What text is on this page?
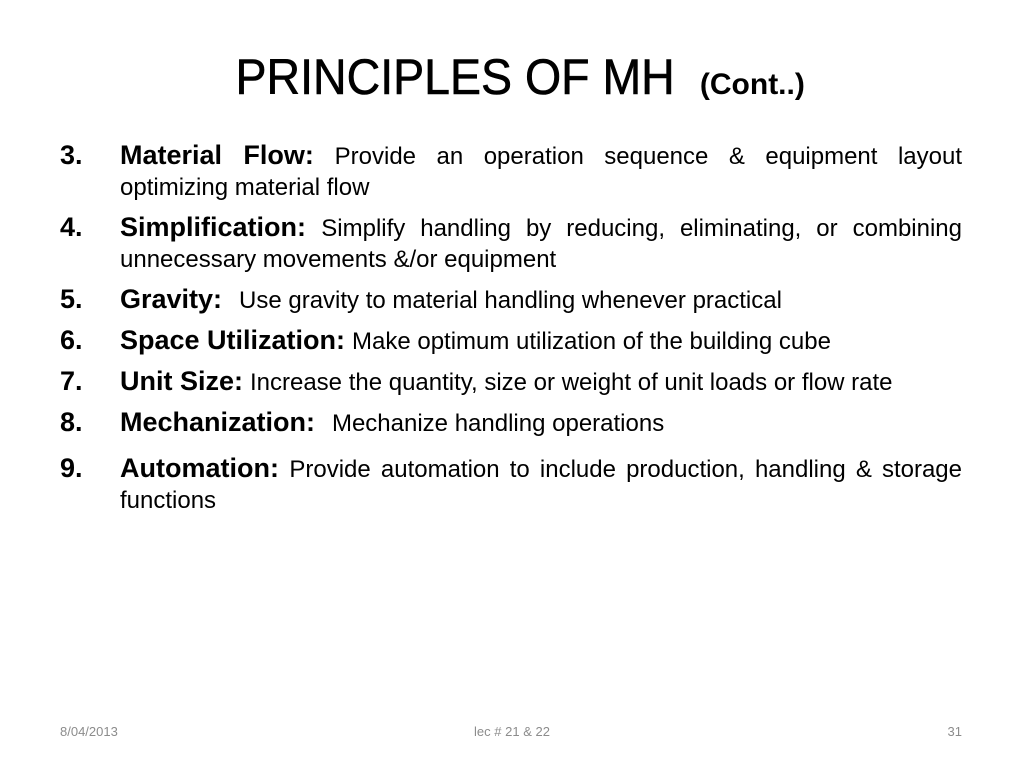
PRINCIPLES OF MH (Cont..)
3. Material Flow: Provide an operation sequence & equipment layout optimizing material flow
4. Simplification: Simplify handling by reducing, eliminating, or combining unnecessary movements &/or equipment
5. Gravity: Use gravity to material handling whenever practical
6. Space Utilization: Make optimum utilization of the building cube
7. Unit Size: Increase the quantity, size or weight of unit loads or flow rate
8. Mechanization: Mechanize handling operations
9. Automation: Provide automation to include production, handling & storage functions
8/04/2013	lec # 21 & 22	31
